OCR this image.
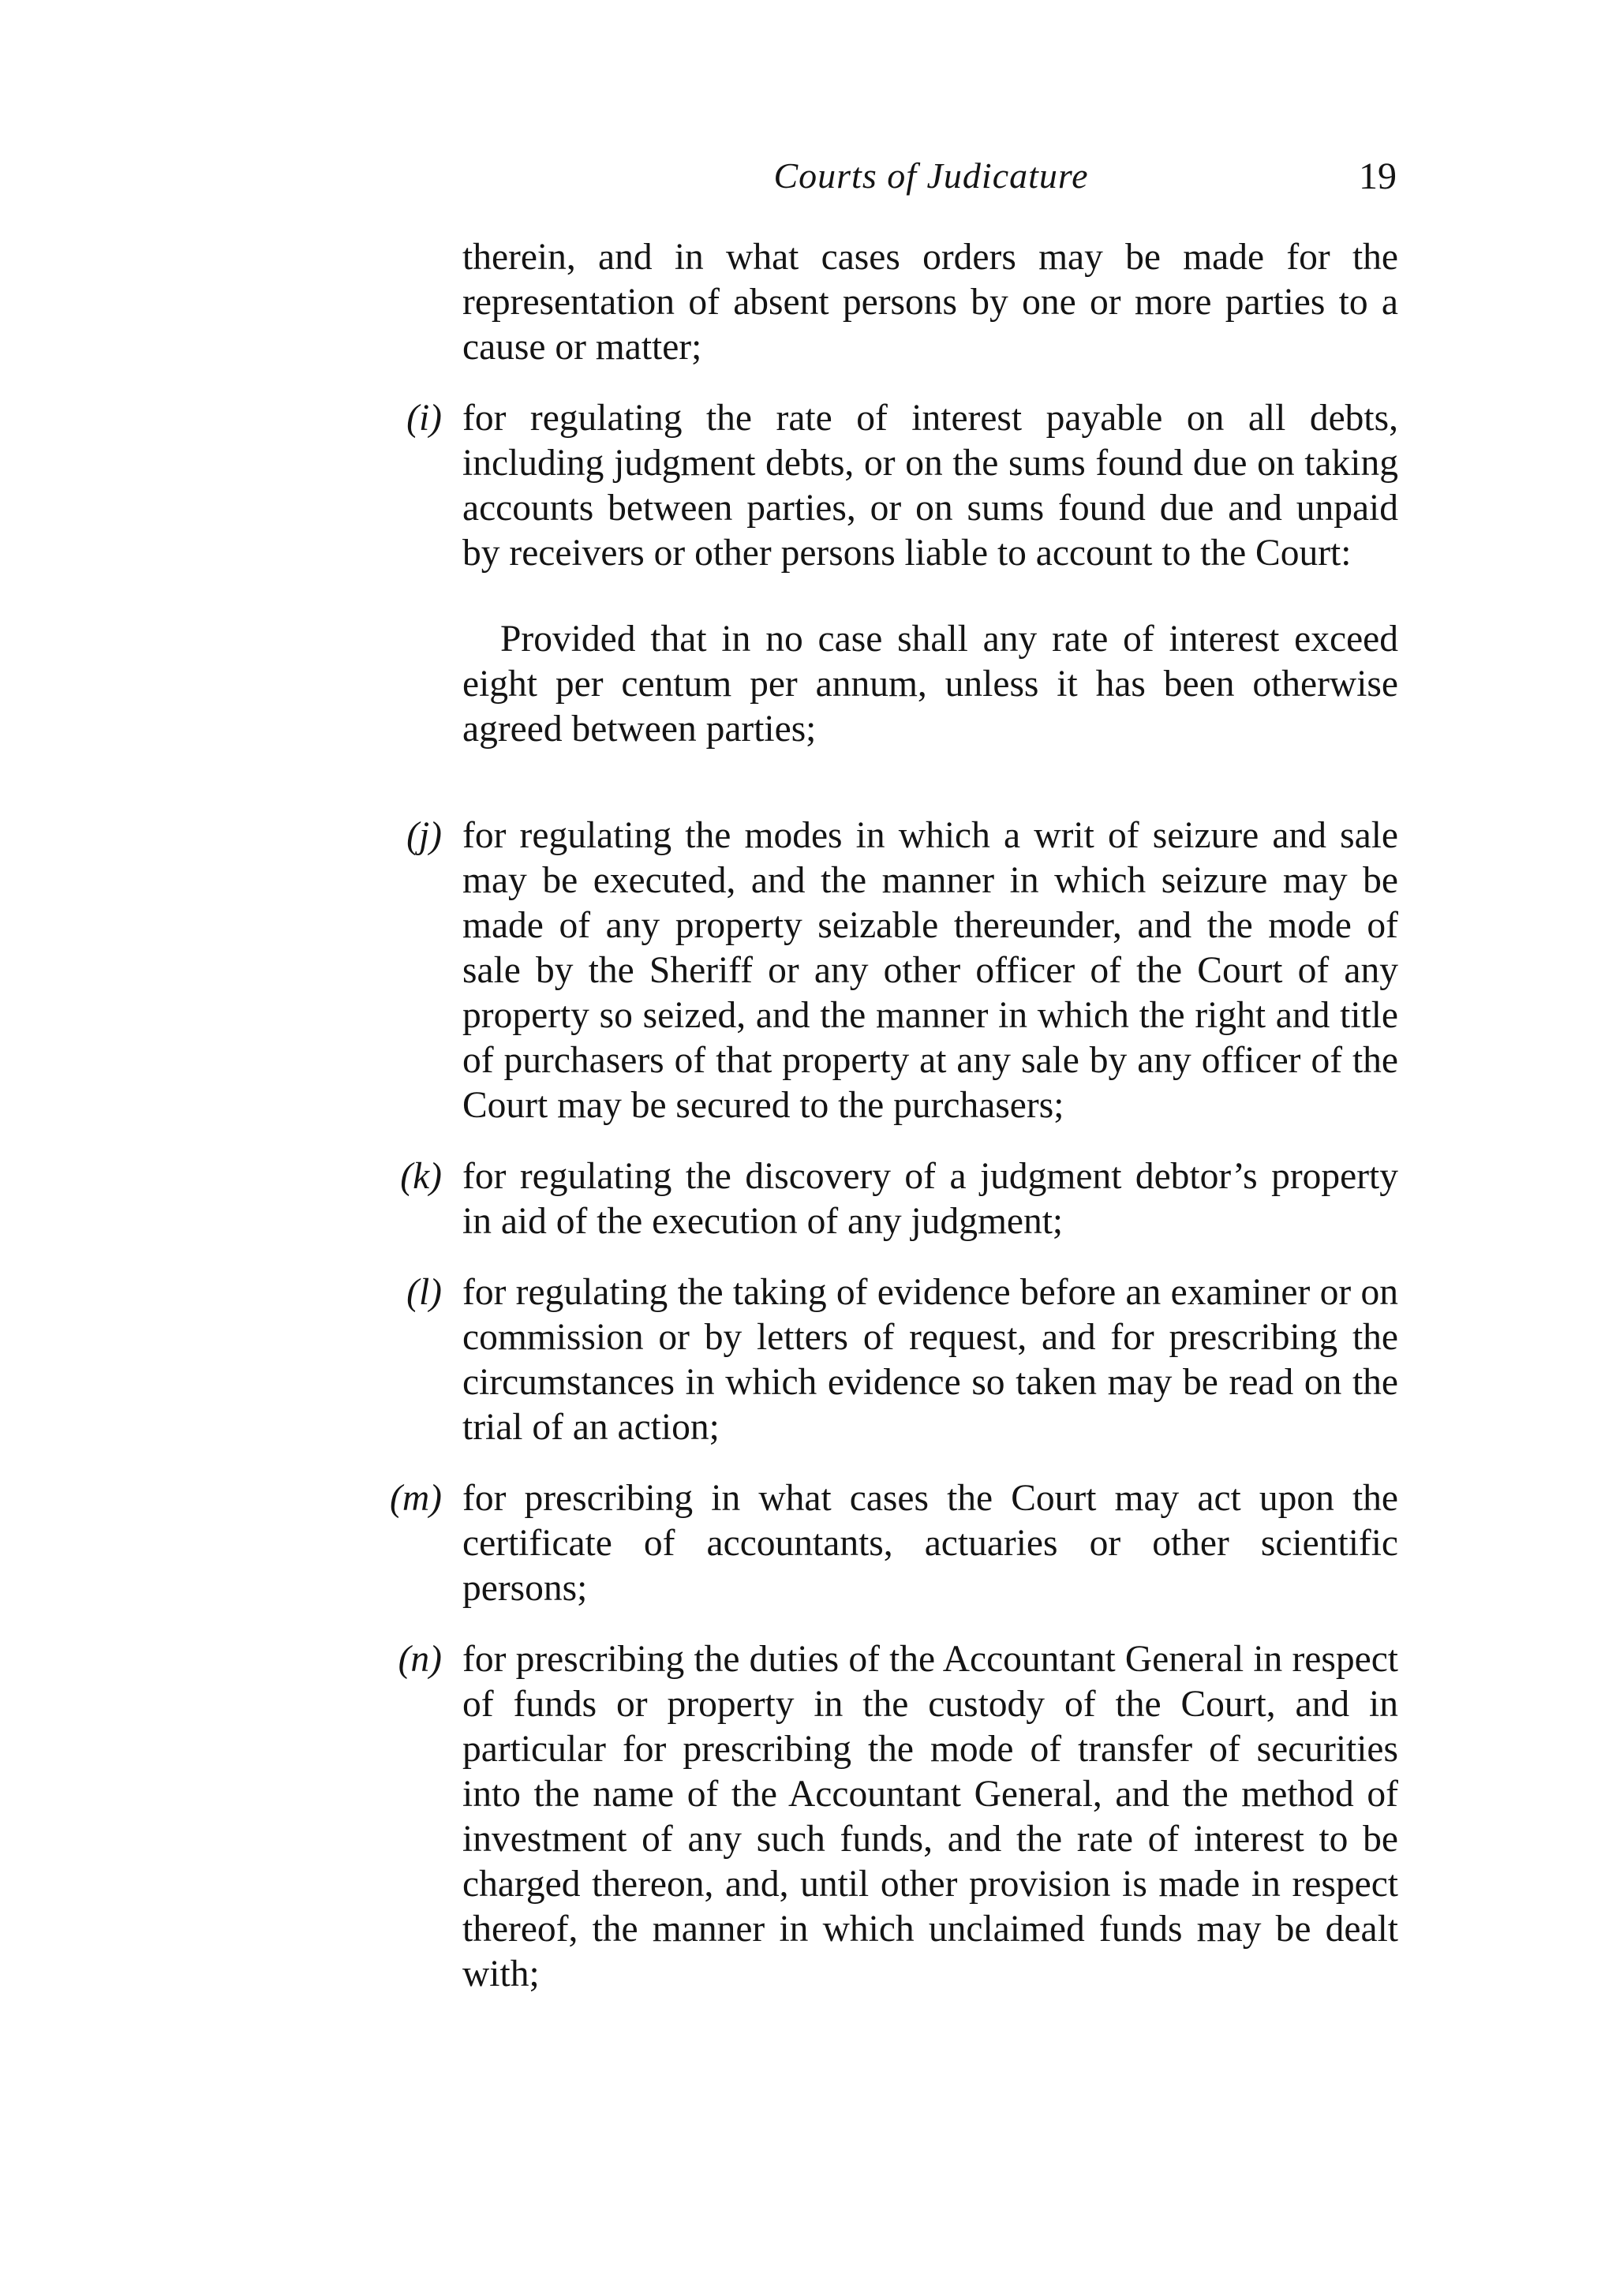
Courts of Judicature	19

therein, and in what cases orders may be made for the representation of absent persons by one or more parties to a cause or matter;

(i) for regulating the rate of interest payable on all debts, including judgment debts, or on the sums found due on taking accounts between parties, or on sums found due and unpaid by receivers or other persons liable to account to the Court:

Provided that in no case shall any rate of interest exceed eight per centum per annum, unless it has been otherwise agreed between parties;

(j) for regulating the modes in which a writ of seizure and sale may be executed, and the manner in which seizure may be made of any property seizable thereunder, and the mode of sale by the Sheriff or any other officer of the Court of any property so seized, and the manner in which the right and title of purchasers of that property at any sale by any officer of the Court may be secured to the purchasers;
(k) for regulating the discovery of a judgment debtor’s property in aid of the execution of any judgment;
(l) for regulating the taking of evidence before an examiner or on commission or by letters of request, and for prescribing the circumstances in which evidence so taken may be read on the trial of an action;
(m) for prescribing in what cases the Court may act upon the certificate of accountants, actuaries or other scientific persons;
(n) for prescribing the duties of the Accountant General in respect of funds or property in the custody of the Court, and in particular for prescribing the mode of transfer of securities into the name of the Accountant General, and the method of investment of any such funds, and the rate of interest to be charged thereon, and, until other provision is made in respect thereof, the manner in which unclaimed funds may be dealt with;
